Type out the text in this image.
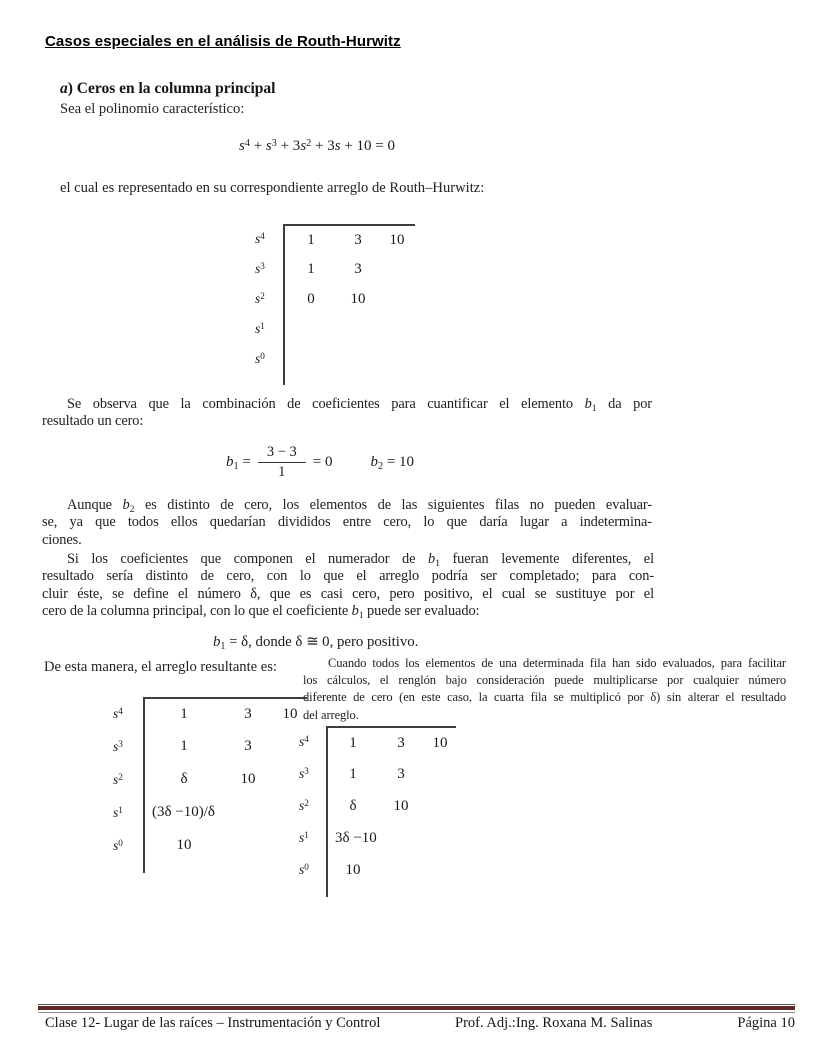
Casos especiales en el análisis de Routh-Hurwitz
a) Ceros en la columna principal
Sea el polinomio característico:
$s^4 + s^3 + 3s^2 + 3s + 10 = 0$
el cual es representado en su correspondiente arreglo de Routh–Hurwitz:
$s^4$	1	3	10
$s^3$	1	3
$s^2$	0	10
$s^1$
$s^0$
Se observa que la combinación de coeficientes para cuantificar el elemento $b_1$ da por
resultado un cero:
$b_1 = \frac{3 - 3}{1} = 0$	$b_2 = 10$
Aunque $b_2$ es distinto de cero, los elementos de las siguientes filas no pueden evaluar-
se, ya que todos ellos quedarían divididos entre cero, lo que daría lugar a indetermina-
ciones.
Si los coeficientes que componen el numerador de $b_1$ fueran levemente diferentes, el
resultado sería distinto de cero, con lo que el arreglo podría ser completado; para con-
cluir éste, se define el número δ, que es casi cero, pero positivo, el cual se sustituye por el
cero de la columna principal, con lo que el coeficiente $b_1$ puede ser evaluado:
$b_1 = \delta$, donde δ ≅ 0, pero positivo.
De esta manera, el arreglo resultante es:	Cuando todos los elementos de una determinada fila han sido evaluados, para facilitar
los cálculos, el renglón bajo consideración puede multiplicarse por cualquier número
diferente de cero (en este caso, la cuarta fila se multiplicó por δ) sin alterar el resultado
del arreglo.
$s^4$	1	3	10
$s^3$	1	3
$s^2$	δ	10
$s^1$	(3δ −10)/δ
$s^0$	10
$s^4$	1	3	10
$s^3$	1	3
$s^2$	δ	10
$s^1$	3δ −10
$s^0$	10
Clase 12- Lugar de las raíces – Instrumentación y Control	Prof. Adj.:Ing. Roxana M. Salinas	Página 10
